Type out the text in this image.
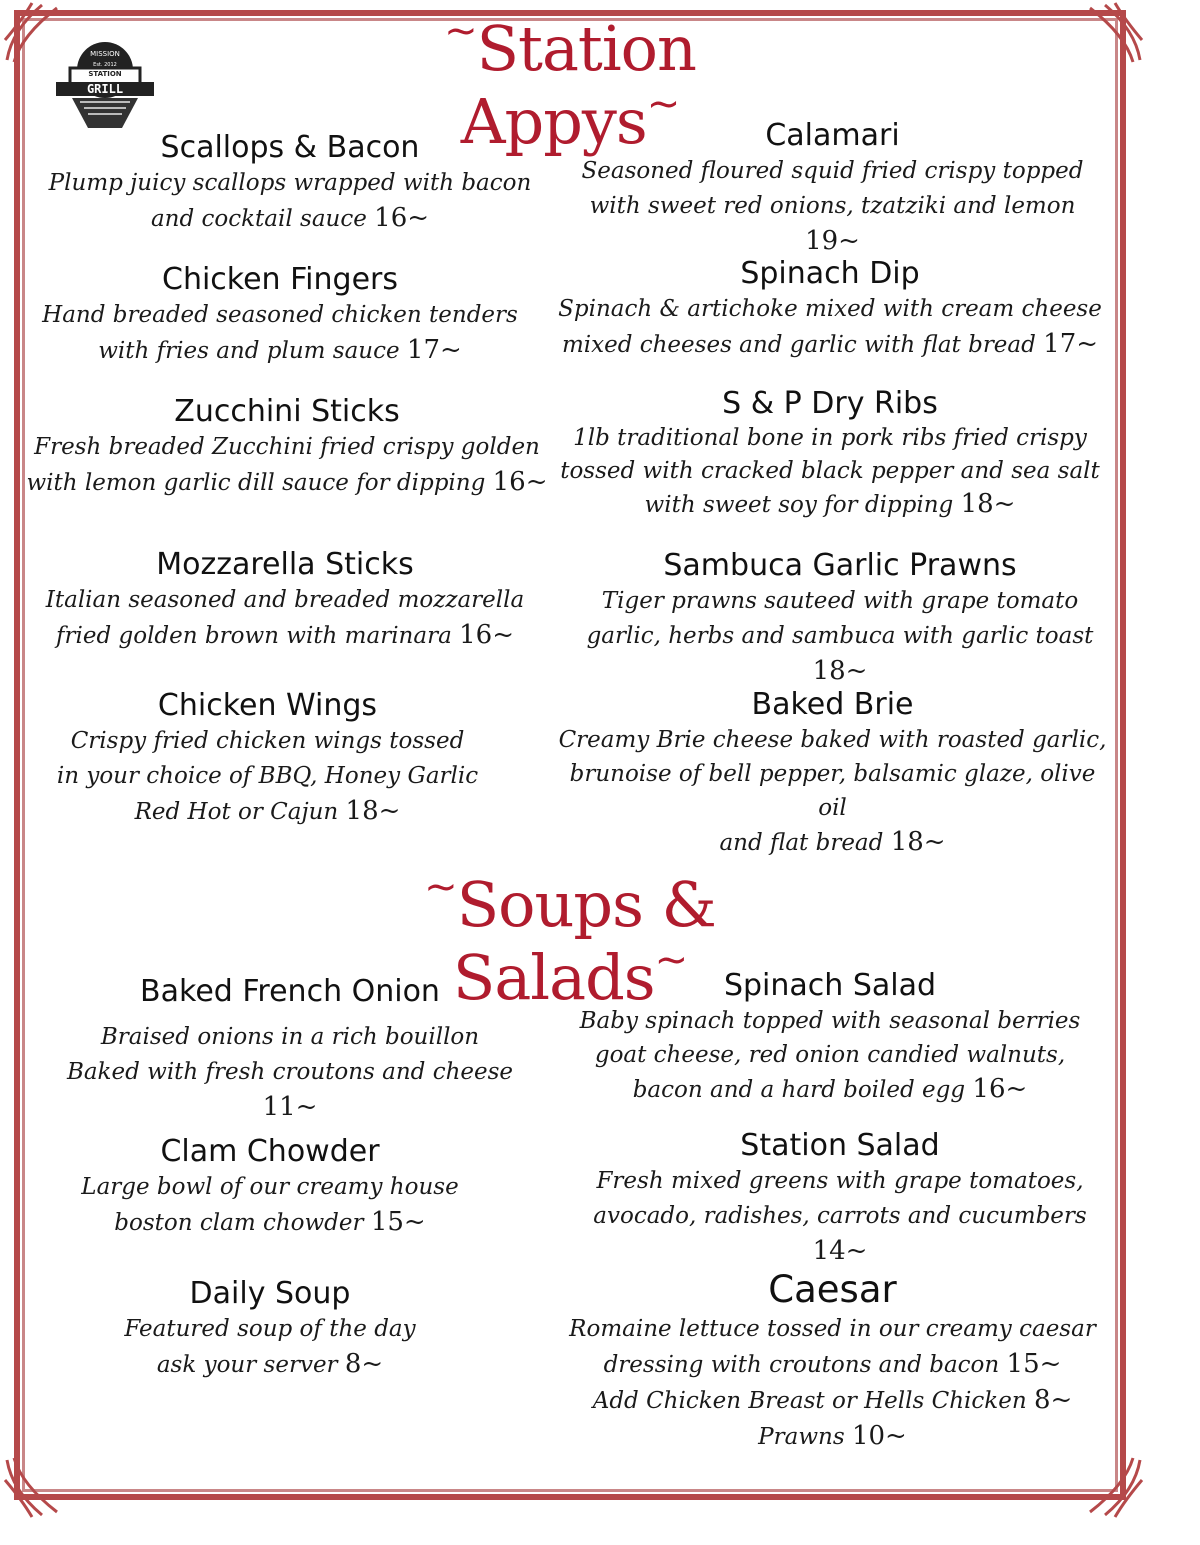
MISSION
STATION
Est. 2012
GRILL
~Station Appys~
~Soups & Salads~
Scallops & Bacon
Plump juicy scallops wrapped with bacon
and cocktail sauce 16~
Chicken Fingers
Hand breaded seasoned chicken tenders
with fries and plum sauce 17~
Zucchini Sticks
Fresh breaded Zucchini fried crispy golden
with lemon garlic dill sauce for dipping 16~
Mozzarella Sticks
Italian seasoned and breaded mozzarella
fried golden brown with marinara 16~
Chicken Wings
Crispy fried chicken wings tossed
in your choice of BBQ, Honey Garlic
Red Hot or Cajun 18~
Calamari
Seasoned floured squid fried crispy topped
with sweet red onions, tzatziki and lemon 19~
Spinach Dip
Spinach & artichoke mixed with cream cheese
mixed cheeses and garlic with flat bread 17~
S & P Dry Ribs
1lb traditional bone in pork ribs fried crispy
tossed with cracked black pepper and sea salt
with sweet soy for dipping 18~
Sambuca Garlic Prawns
Tiger prawns sauteed with grape tomato
garlic, herbs and sambuca with garlic toast 18~
Baked Brie
Creamy Brie cheese baked with roasted garlic,
brunoise of bell pepper, balsamic glaze, olive oil
and flat bread 18~
Baked French Onion
Braised onions in a rich bouillon
Baked with fresh croutons and cheese 11~
Clam Chowder
Large bowl of our creamy house
boston clam chowder 15~
Daily Soup
Featured soup of the day
ask your server 8~
Spinach Salad
Baby spinach topped with seasonal berries
goat cheese, red onion candied walnuts,
bacon and a hard boiled egg 16~
Station Salad
Fresh mixed greens with grape tomatoes,
avocado, radishes, carrots and cucumbers 14~
Caesar
Romaine lettuce tossed in our creamy caesar
dressing with croutons and bacon 15~
Add Chicken Breast or Hells Chicken 8~
Prawns 10~
